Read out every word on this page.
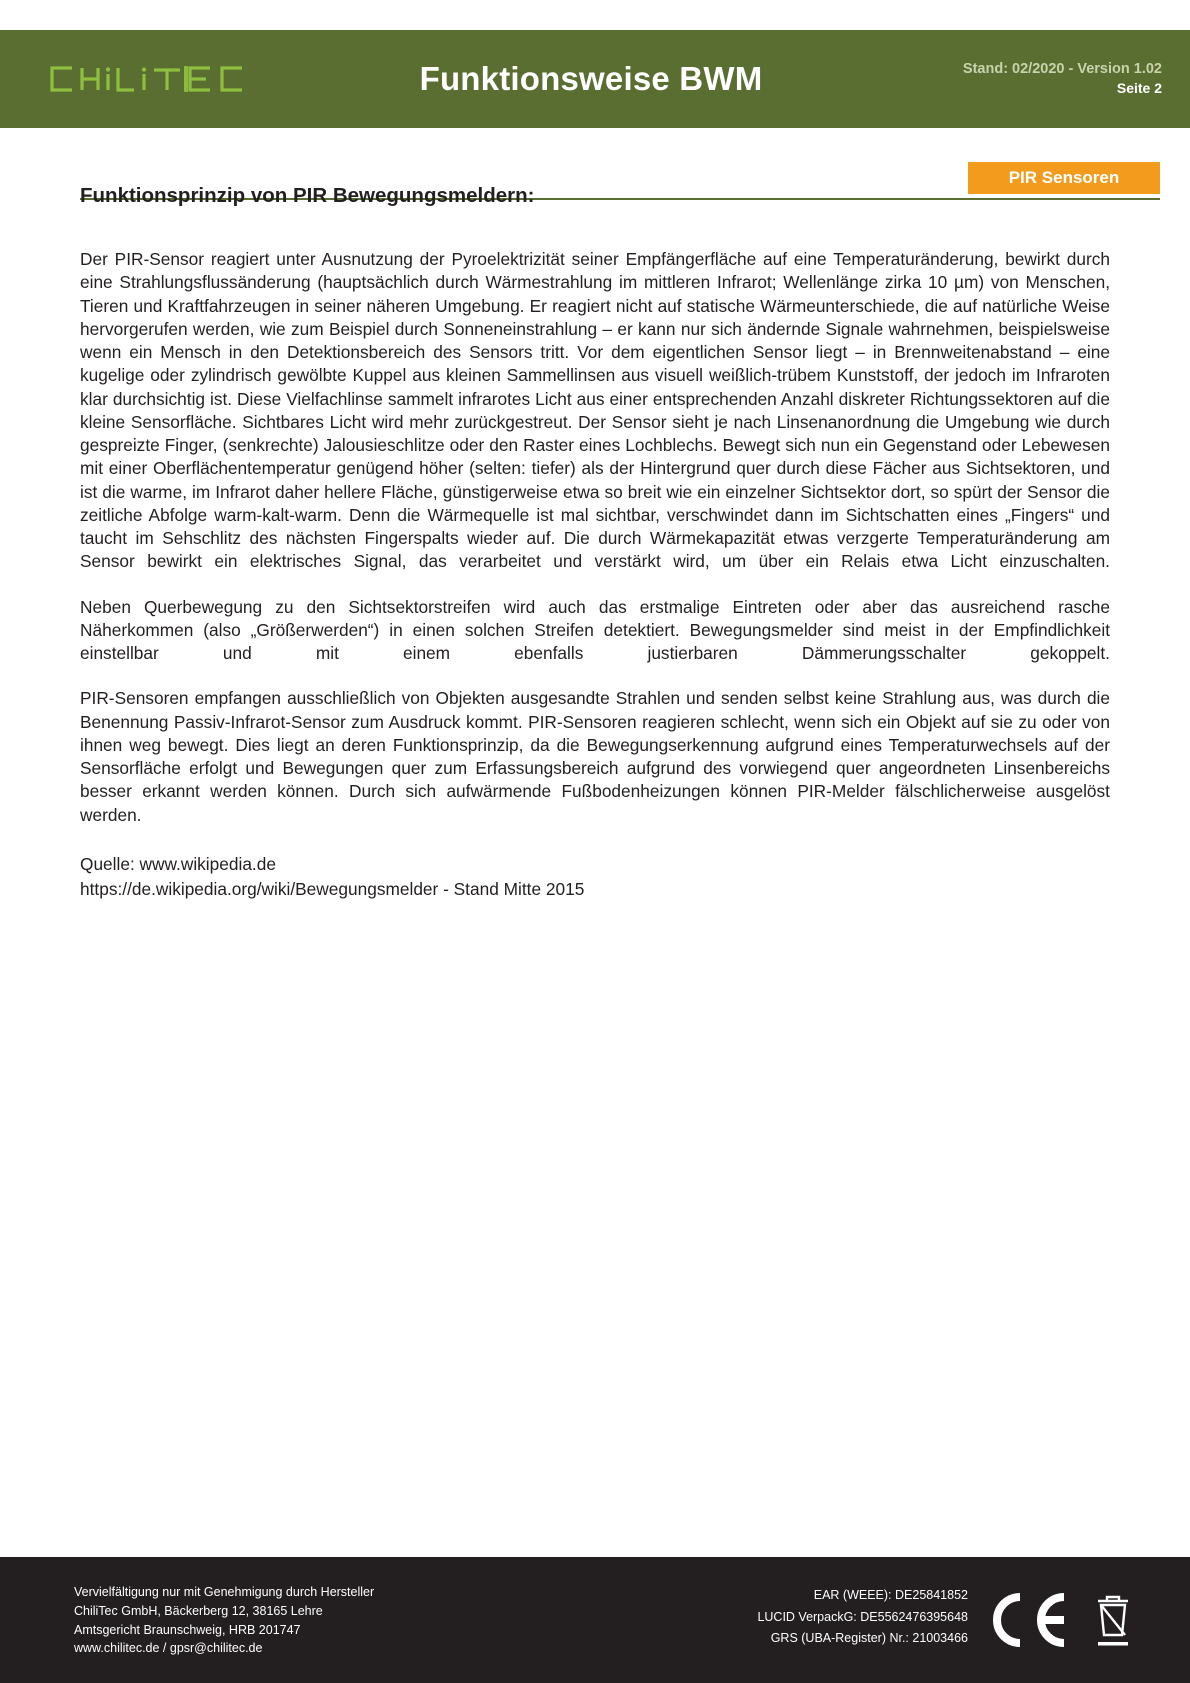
Funktionsweise BWM	Stand: 02/2020 - Version 1.02
Seite 2
PIR Sensoren
Funktionsprinzip von PIR Bewegungsmeldern:

Der PIR-Sensor reagiert unter Ausnutzung der Pyroelektrizität seiner Empfängerfläche auf eine Temperaturänderung, bewirkt durch eine Strahlungsflussänderung (hauptsächlich durch Wärmestrahlung im mittleren Infrarot; Wellenlänge zirka 10 µm) von Menschen, Tieren und Kraftfahrzeugen in seiner näheren Umgebung. Er reagiert nicht auf statische Wärmeunterschiede, die auf natürliche Weise hervorgerufen werden, wie zum Beispiel durch Sonneneinstrahlung – er kann nur sich ändernde Signale wahrnehmen, beispielsweise wenn ein Mensch in den Detektionsbereich des Sensors tritt. Vor dem eigentlichen Sensor liegt – in Brennweitenabstand – eine kugelige oder zylindrisch gewölbte Kuppel aus kleinen Sammellinsen aus visuell weißlich-trübem Kunststoff, der jedoch im Infraroten klar durchsichtig ist. Diese Vielfachlinse sammelt infrarotes Licht aus einer entsprechenden Anzahl diskreter Richtungssektoren auf die kleine Sensorfläche. Sichtbares Licht wird mehr zurückgestreut. Der Sensor sieht je nach Linsenanordnung die Umgebung wie durch gespreizte Finger, (senkrechte) Jalousieschlitze oder den Raster eines Lochblechs. Bewegt sich nun ein Gegenstand oder Lebewesen mit einer Oberflächentemperatur genügend höher (selten: tiefer) als der Hintergrund quer durch diese Fächer aus Sichtsektoren, und ist die warme, im Infrarot daher hellere Fläche, günstigerweise etwa so breit wie ein einzelner Sichtsektor dort, so spürt der Sensor die zeitliche Abfolge warm-kalt-warm. Denn die Wärmequelle ist mal sichtbar, verschwindet dann im Sichtschatten eines „Fingers“ und taucht im Sehschlitz des nächsten Fingerspalts wieder auf. Die durch Wärmekapazität etwas verzgerte Temperaturänderung am Sensor bewirkt ein elektrisches Signal, das verarbeitet und verstärkt wird, um über ein Relais etwa Licht einzuschalten.

Neben Querbewegung zu den Sichtsektorstreifen wird auch das erstmalige Eintreten oder aber das ausreichend rasche Näherkommen (also „Größerwerden“) in einen solchen Streifen detektiert. Bewegungsmelder sind meist in der Empfindlichkeit einstellbar und mit einem ebenfalls justierbaren Dämmerungsschalter gekoppelt.

PIR-Sensoren empfangen ausschließlich von Objekten ausgesandte Strahlen und senden selbst keine Strahlung aus, was durch die Benennung Passiv-Infrarot-Sensor zum Ausdruck kommt. PIR-Sensoren reagieren schlecht, wenn sich ein Objekt auf sie zu oder von ihnen weg bewegt. Dies liegt an deren Funktionsprinzip, da die Bewegungserkennung aufgrund eines Temperaturwechsels auf der Sensorfläche erfolgt und Bewegungen quer zum Erfassungsbereich aufgrund des vorwiegend quer angeordneten Linsenbereichs besser erkannt werden können. Durch sich aufwärmende Fußbodenheizungen können PIR-Melder fälschlicherweise ausgelöst werden.

Quelle: www.wikipedia.de
https://de.wikipedia.org/wiki/Bewegungsmelder - Stand Mitte 2015
Vervielfältigung nur mit Genehmigung durch Hersteller
ChiliTec GmbH, Bäckerberg 12, 38165 Lehre
Amtsgericht Braunschweig, HRB 201747
www.chilitec.de / gpsr@chilitec.de
EAR (WEEE): DE25841852
LUCID VerpackG: DE5562476395648
GRS (UBA-Register) Nr.: 21003466
